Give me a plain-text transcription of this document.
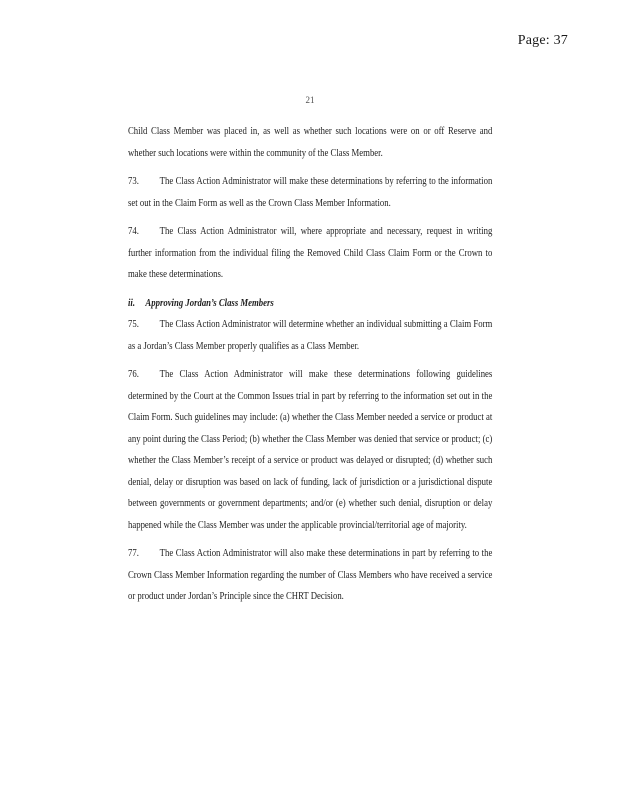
Page: 37
21

Child Class Member was placed in, as well as whether such locations were on or off Reserve and whether such locations were within the community of the Class Member.

73. The Class Action Administrator will make these determinations by referring to the information set out in the Claim Form as well as the Crown Class Member Information.

74. The Class Action Administrator will, where appropriate and necessary, request in writing further information from the individual filing the Removed Child Class Claim Form or the Crown to make these determinations.

ii. Approving Jordan’s Class Members

75. The Class Action Administrator will determine whether an individual submitting a Claim Form as a Jordan’s Class Member properly qualifies as a Class Member.

76. The Class Action Administrator will make these determinations following guidelines determined by the Court at the Common Issues trial in part by referring to the information set out in the Claim Form. Such guidelines may include: (a) whether the Class Member needed a service or product at any point during the Class Period; (b) whether the Class Member was denied that service or product; (c) whether the Class Member’s receipt of a service or product was delayed or disrupted; (d) whether such denial, delay or disruption was based on lack of funding, lack of jurisdiction or a jurisdictional dispute between governments or government departments; and/or (e) whether such denial, disruption or delay happened while the Class Member was under the applicable provincial/territorial age of majority.

77. The Class Action Administrator will also make these determinations in part by referring to the Crown Class Member Information regarding the number of Class Members who have received a service or product under Jordan’s Principle since the CHRT Decision.
